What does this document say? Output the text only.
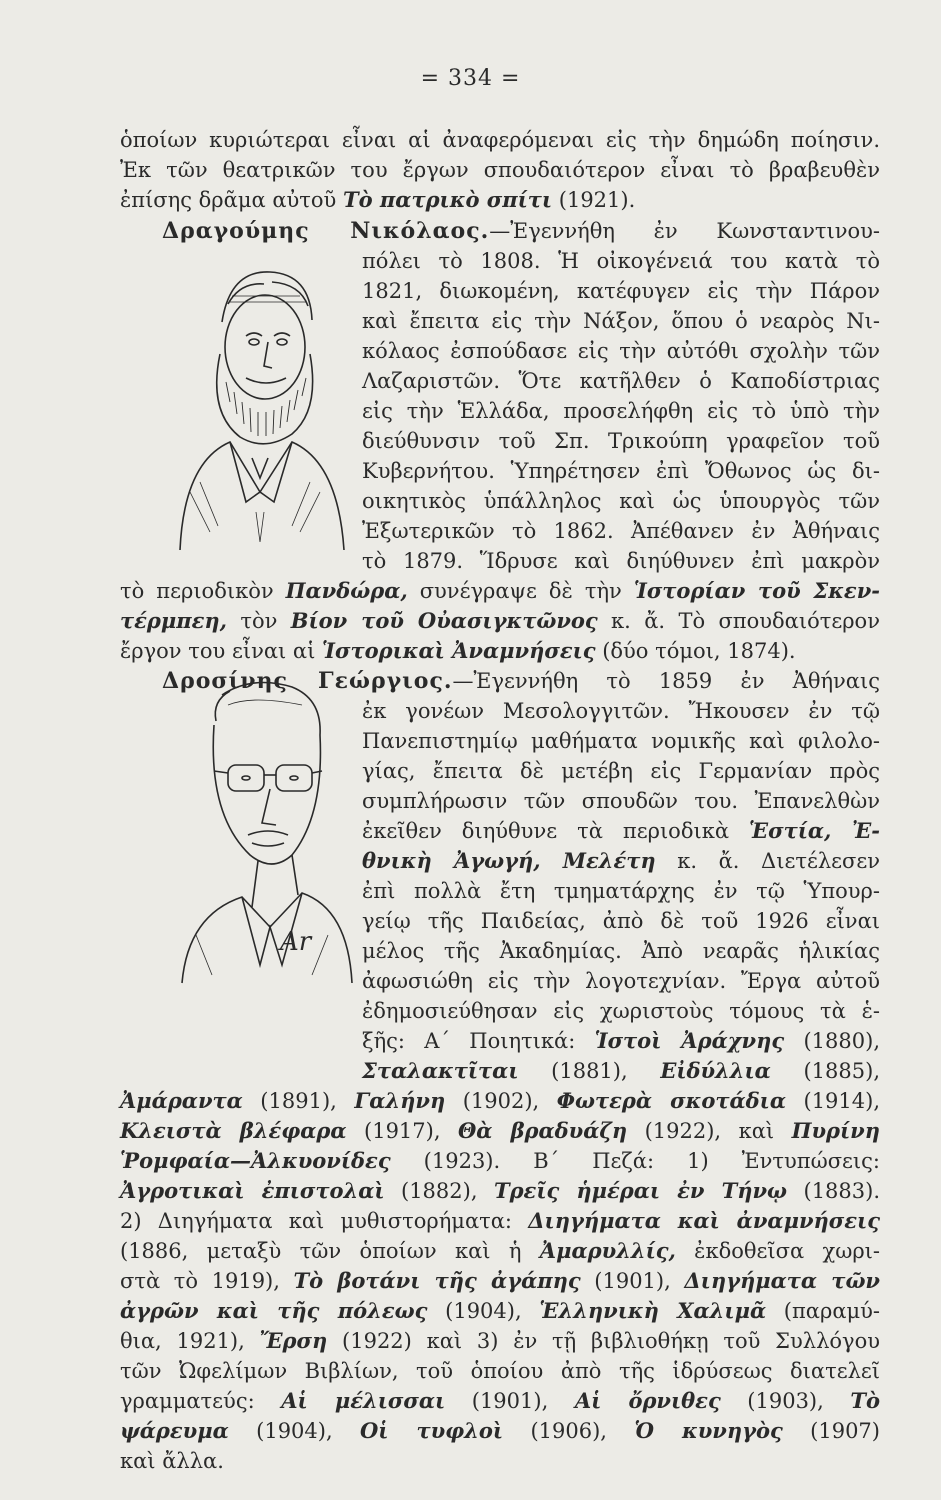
= 334 =
Ar
ὁποίων κυριώτεραι εἶναι αἱ ἀναφερόμεναι εἰς τὴν δημώδη ποίησιν.
Ἐκ τῶν θεατρικῶν του ἔργων σπουδαιότερον εἶναι τὸ βραβευθὲν
ἐπίσης δρᾶμα αὐτοῦ Τὸ πατρικὸ σπίτι (1921).
Δραγούμης Νικόλαος.—Ἐγεννήθη ἐν Κωνσταντινου-
πόλει τὸ 1808. Ἡ οἰκογένειά του κατὰ τὸ
1821, διωκομένη, κατέφυγεν εἰς τὴν Πάρον
καὶ ἔπειτα εἰς τὴν Νάξον, ὅπου ὁ νεαρὸς Νι-
κόλαος ἐσπούδασε εἰς τὴν αὐτόθι σχολὴν τῶν
Λαζαριστῶν. Ὅτε κατῆλθεν ὁ Καποδίστριας
εἰς τὴν Ἑλλάδα, προσελήφθη εἰς τὸ ὑπὸ τὴν
διεύθυνσιν τοῦ Σπ. Τρικούπη γραφεῖον τοῦ
Κυβερνήτου. Ὑπηρέτησεν ἐπὶ Ὄθωνος ὡς δι-
οικητικὸς ὑπάλληλος καὶ ὡς ὑπουργὸς τῶν
Ἐξωτερικῶν τὸ 1862. Ἀπέθανεν ἐν Ἀθήναις
τὸ 1879. Ἵδρυσε καὶ διηύθυνεν ἐπὶ μακρὸν
τὸ περιοδικὸν Πανδώρα, συνέγραψε δὲ τὴν Ἱστορίαν τοῦ Σκεν-
τέρμπεη, τὸν Βίον τοῦ Οὐασιγκτῶνος κ. ἄ. Τὸ σπουδαιότερον
ἔργον του εἶναι αἱ Ἱστορικαὶ Ἀναμνήσεις (δύο τόμοι, 1874).
Δροσίνης Γεώργιος.—Ἐγεννήθη τὸ 1859 ἐν Ἀθήναις
ἐκ γονέων Μεσολογγιτῶν. Ἤκουσεν ἐν τῷ
Πανεπιστημίῳ μαθήματα νομικῆς καὶ φιλολο-
γίας, ἔπειτα δὲ μετέβη εἰς Γερμανίαν πρὸς
συμπλήρωσιν τῶν σπουδῶν του. Ἐπανελθὼν
ἐκεῖθεν διηύθυνε τὰ περιοδικὰ Ἑστία, Ἐ-
θνικὴ Ἀγωγή, Μελέτη κ. ἄ. Διετέλεσεν
ἐπὶ πολλὰ ἔτη τμηματάρχης ἐν τῷ Ὑπουρ-
γείῳ τῆς Παιδείας, ἀπὸ δὲ τοῦ 1926 εἶναι
μέλος τῆς Ἀκαδημίας. Ἀπὸ νεαρᾶς ἡλικίας
ἀφωσιώθη εἰς τὴν λογοτεχνίαν. Ἔργα αὐτοῦ
ἐδημοσιεύθησαν εἰς χωριστοὺς τόμους τὰ ἑ-
ξῆς: Α΄ Ποιητικά: Ἱστοὶ Ἀράχνης (1880),
Σταλακτῖται (1881), Εἰδύλλια (1885),
Ἀμάραντα (1891), Γαλήνη (1902), Φωτερὰ σκοτάδια (1914),
Κλειστὰ βλέφαρα (1917), Θὰ βραδυάζη (1922), καὶ Πυρίνη
Ῥομφαία—Ἀλκυονίδες (1923). Β΄ Πεζά: 1) Ἐντυπώσεις:
Ἀγροτικαὶ ἐπιστολαὶ (1882), Τρεῖς ἡμέραι ἐν Τήνῳ (1883).
2) Διηγήματα καὶ μυθιστορήματα: Διηγήματα καὶ ἀναμνήσεις
(1886, μεταξὺ τῶν ὁποίων καὶ ἡ Ἀμαρυλλίς, ἐκδοθεῖσα χωρι-
στὰ τὸ 1919), Τὸ βοτάνι τῆς ἀγάπης (1901), Διηγήματα τῶν
ἀγρῶν καὶ τῆς πόλεως (1904), Ἑλληνικὴ Χαλιμᾶ (παραμύ-
θια, 1921), Ἔρση (1922) καὶ 3) ἐν τῇ βιβλιοθήκῃ τοῦ Συλλόγου
τῶν Ὠφελίμων Βιβλίων, τοῦ ὁποίου ἀπὸ τῆς ἱδρύσεως διατελεῖ
γραμματεύς: Αἱ μέλισσαι (1901), Αἱ ὄρνιθες (1903), Τὸ
ψάρευμα (1904), Οἱ τυφλοὶ (1906), Ὁ κυνηγὸς (1907)
καὶ ἄλλα.
